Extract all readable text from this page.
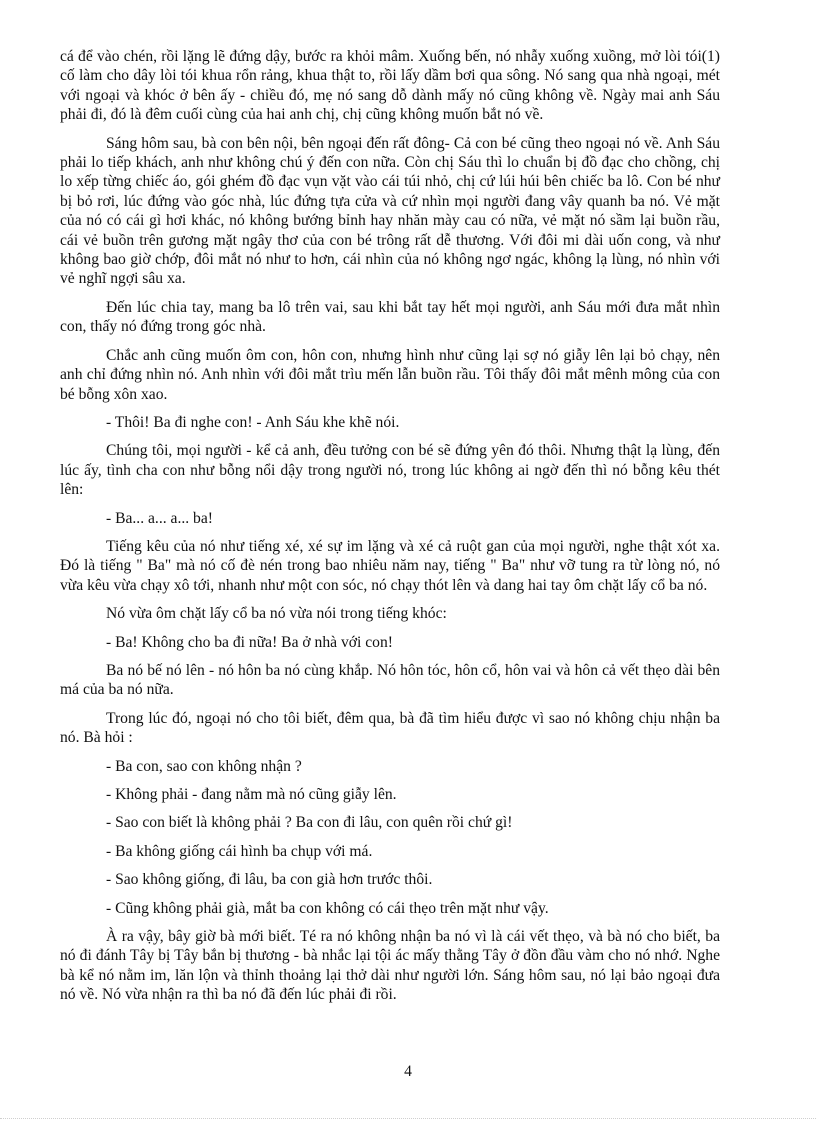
cá để vào chén, rồi lặng lẽ đứng dậy, bước ra khỏi mâm. Xuống bến, nó nhẫy xuống xuồng, mở lòi tói(1) cố làm cho dây lòi tói khua rổn rảng, khua thật to, rồi lấy dầm bơi qua sông. Nó sang qua nhà ngoại, mét với ngoại và khóc ở bên ấy - chiều đó, mẹ nó sang dỗ dành mấy nó cũng không về. Ngày mai anh Sáu phải đi, đó là đêm cuối cùng của hai anh chị, chị cũng không muốn bắt nó về.

Sáng hôm sau, bà con bên nội, bên ngoại đến rất đông- Cả con bé cũng theo ngoại nó về. Anh Sáu phải lo tiếp khách, anh như không chú ý đến con nữa. Còn chị Sáu thì lo chuẩn bị đồ đạc cho chồng, chị lo xếp từng chiếc áo, gói ghém đồ đạc vụn vặt vào cái túi nhỏ, chị cứ lúi húi bên chiếc ba lô. Con bé như bị bỏ rơi, lúc đứng vào góc nhà, lúc đứng tựa cửa và cứ nhìn mọi người đang vây quanh ba nó. Vẻ mặt của nó có cái gì hơi khác, nó không bướng bỉnh hay nhăn mày cau có nữa, vẻ mặt nó sầm lại buồn rầu, cái vẻ buồn trên gương mặt ngây thơ của con bé trông rất dễ thương. Với đôi mi dài uốn cong, và như không bao giờ chớp, đôi mắt nó như to hơn, cái nhìn của nó không ngơ ngác, không lạ lùng, nó nhìn với vẻ nghĩ ngợi sâu xa.

Đến lúc chia tay, mang ba lô trên vai, sau khi bắt tay hết mọi người, anh Sáu mới đưa mắt nhìn con, thấy nó đứng trong góc nhà.

Chắc anh cũng muốn ôm con, hôn con, nhưng hình như cũng lại sợ nó giẫy lên lại bỏ chạy, nên anh chỉ đứng nhìn nó. Anh nhìn với đôi mắt trìu mến lẫn buồn rầu. Tôi thấy đôi mắt mênh mông của con bé bỗng xôn xao.

- Thôi! Ba đi nghe con! - Anh Sáu khe khẽ nói.

Chúng tôi, mọi người - kể cả anh, đều tưởng con bé sẽ đứng yên đó thôi. Nhưng thật lạ lùng, đến lúc ấy, tình cha con như bỗng nổi dậy trong người nó, trong lúc không ai ngờ đến thì nó bỗng kêu thét lên:

- Ba... a... a... ba!

Tiếng kêu của nó như tiếng xé, xé sự im lặng và xé cả ruột gan của mọi người, nghe thật xót xa. Đó là tiếng " Ba" mà nó cố đè nén trong bao nhiêu năm nay, tiếng " Ba" như vỡ tung ra từ lòng nó, nó vừa kêu vừa chạy xô tới, nhanh như một con sóc, nó chạy thót lên và dang hai tay ôm chặt lấy cổ ba nó.

Nó vừa ôm chặt lấy cổ ba nó vừa nói trong tiếng khóc:

- Ba! Không cho ba đi nữa! Ba ở nhà với con!

Ba nó bế nó lên - nó hôn ba nó cùng khắp. Nó hôn tóc, hôn cổ, hôn vai và hôn cả vết thẹo dài bên má của ba nó nữa.

Trong lúc đó, ngoại nó cho tôi biết, đêm qua, bà đã tìm hiểu được vì sao nó không chịu nhận ba nó. Bà hỏi :

- Ba con, sao con không nhận ?

- Không phải - đang nằm mà nó cũng giẫy lên.

- Sao con biết là không phải ? Ba con đi lâu, con quên rồi chứ gì!

- Ba không giống cái hình ba chụp với má.

- Sao không giống, đi lâu, ba con già hơn trước thôi.

- Cũng không phải già, mắt ba con không có cái thẹo trên mặt như vậy.

À ra vậy, bây giờ bà mới biết. Té ra nó không nhận ba nó vì là cái vết thẹo, và bà nó cho biết, ba nó đi đánh Tây bị Tây bắn bị thương - bà nhắc lại tội ác mấy thằng Tây ở đồn đầu vàm cho nó nhớ. Nghe bà kể nó nằm im, lăn lộn và thỉnh thoảng lại thở dài như người lớn. Sáng hôm sau, nó lại bảo ngoại đưa nó về. Nó vừa nhận ra thì ba nó đã đến lúc phải đi rồi.

4
